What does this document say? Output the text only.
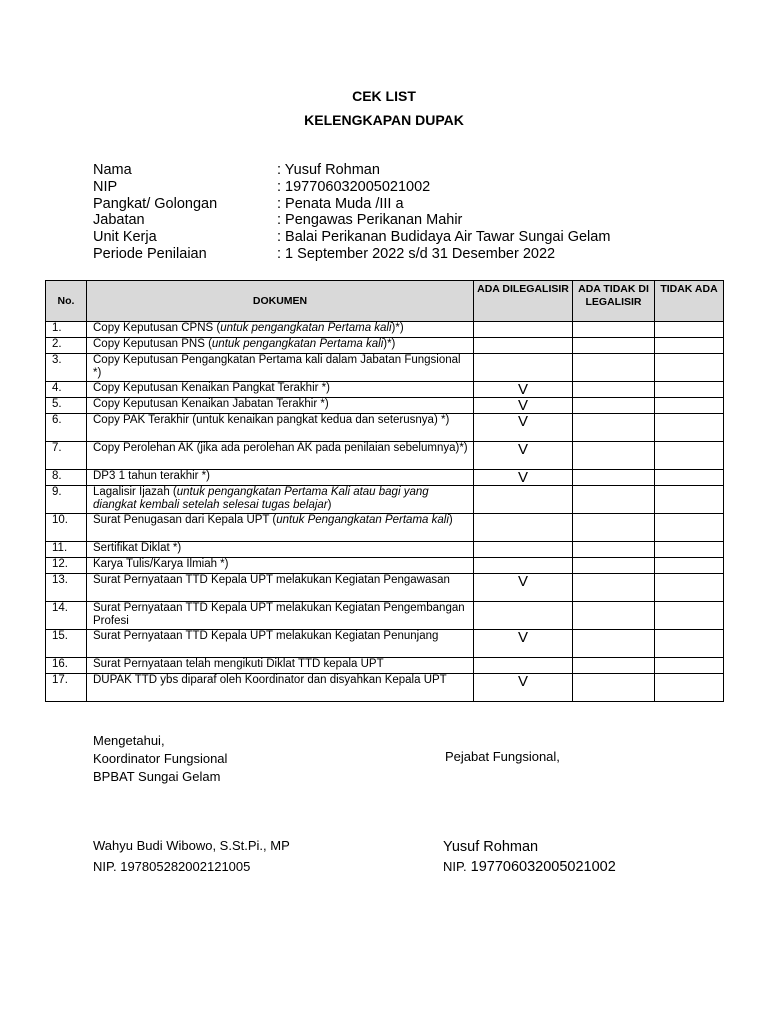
CEK LIST
KELENGKAPAN DUPAK
Nama	: Yusuf Rohman
NIP	: 197706032005021002
Pangkat/ Golongan	: Penata Muda /III a
Jabatan	: Pengawas Perikanan Mahir
Unit Kerja	: Balai Perikanan Budidaya Air Tawar Sungai Gelam
Periode Penilaian	: 1 September 2022 s/d 31 Desember 2022
No.	DOKUMEN	ADA DILEGALISIR	ADA TIDAK DI LEGALISIR	TIDAK ADA
1.	Copy Keputusan CPNS (untuk pengangkatan Pertama kali)*)			
2.	Copy Keputusan PNS (untuk pengangkatan Pertama kali)*)			
3.	Copy Keputusan Pengangkatan Pertama kali dalam Jabatan Fungsional *)			
4.	Copy Keputusan Kenaikan Pangkat Terakhir *)	V		
5.	Copy Keputusan Kenaikan Jabatan Terakhir *)	V		
6.	Copy PAK Terakhir (untuk kenaikan pangkat kedua dan seterusnya) *)	V		
7.	Copy Perolehan AK (jika ada perolehan AK pada penilaian sebelumnya)*)	V		
8.	DP3 1 tahun terakhir *)	V		
9.	Lagalisir Ijazah (untuk pengangkatan Pertama Kali atau bagi yang diangkat kembali setelah selesai tugas belajar)			
10.	Surat Penugasan dari Kepala UPT (untuk Pengangkatan Pertama kali)			
11.	Sertifikat Diklat *)			
12.	Karya Tulis/Karya Ilmiah *)			
13.	Surat Pernyataan TTD Kepala UPT melakukan Kegiatan Pengawasan	V		
14.	Surat Pernyataan TTD Kepala UPT melakukan Kegiatan Pengembangan Profesi			
15.	Surat Pernyataan TTD Kepala UPT melakukan Kegiatan Penunjang	V		
16.	Surat Pernyataan telah mengikuti Diklat TTD kepala UPT			
17.	DUPAK TTD ybs diparaf oleh Koordinator dan disyahkan Kepala UPT	V		
Mengetahui,
Koordinator Fungsional
BPBAT Sungai Gelam
Wahyu Budi Wibowo, S.St.Pi., MP
NIP. 197805282002121005
Pejabat Fungsional,
Yusuf Rohman
NIP. 197706032005021002
